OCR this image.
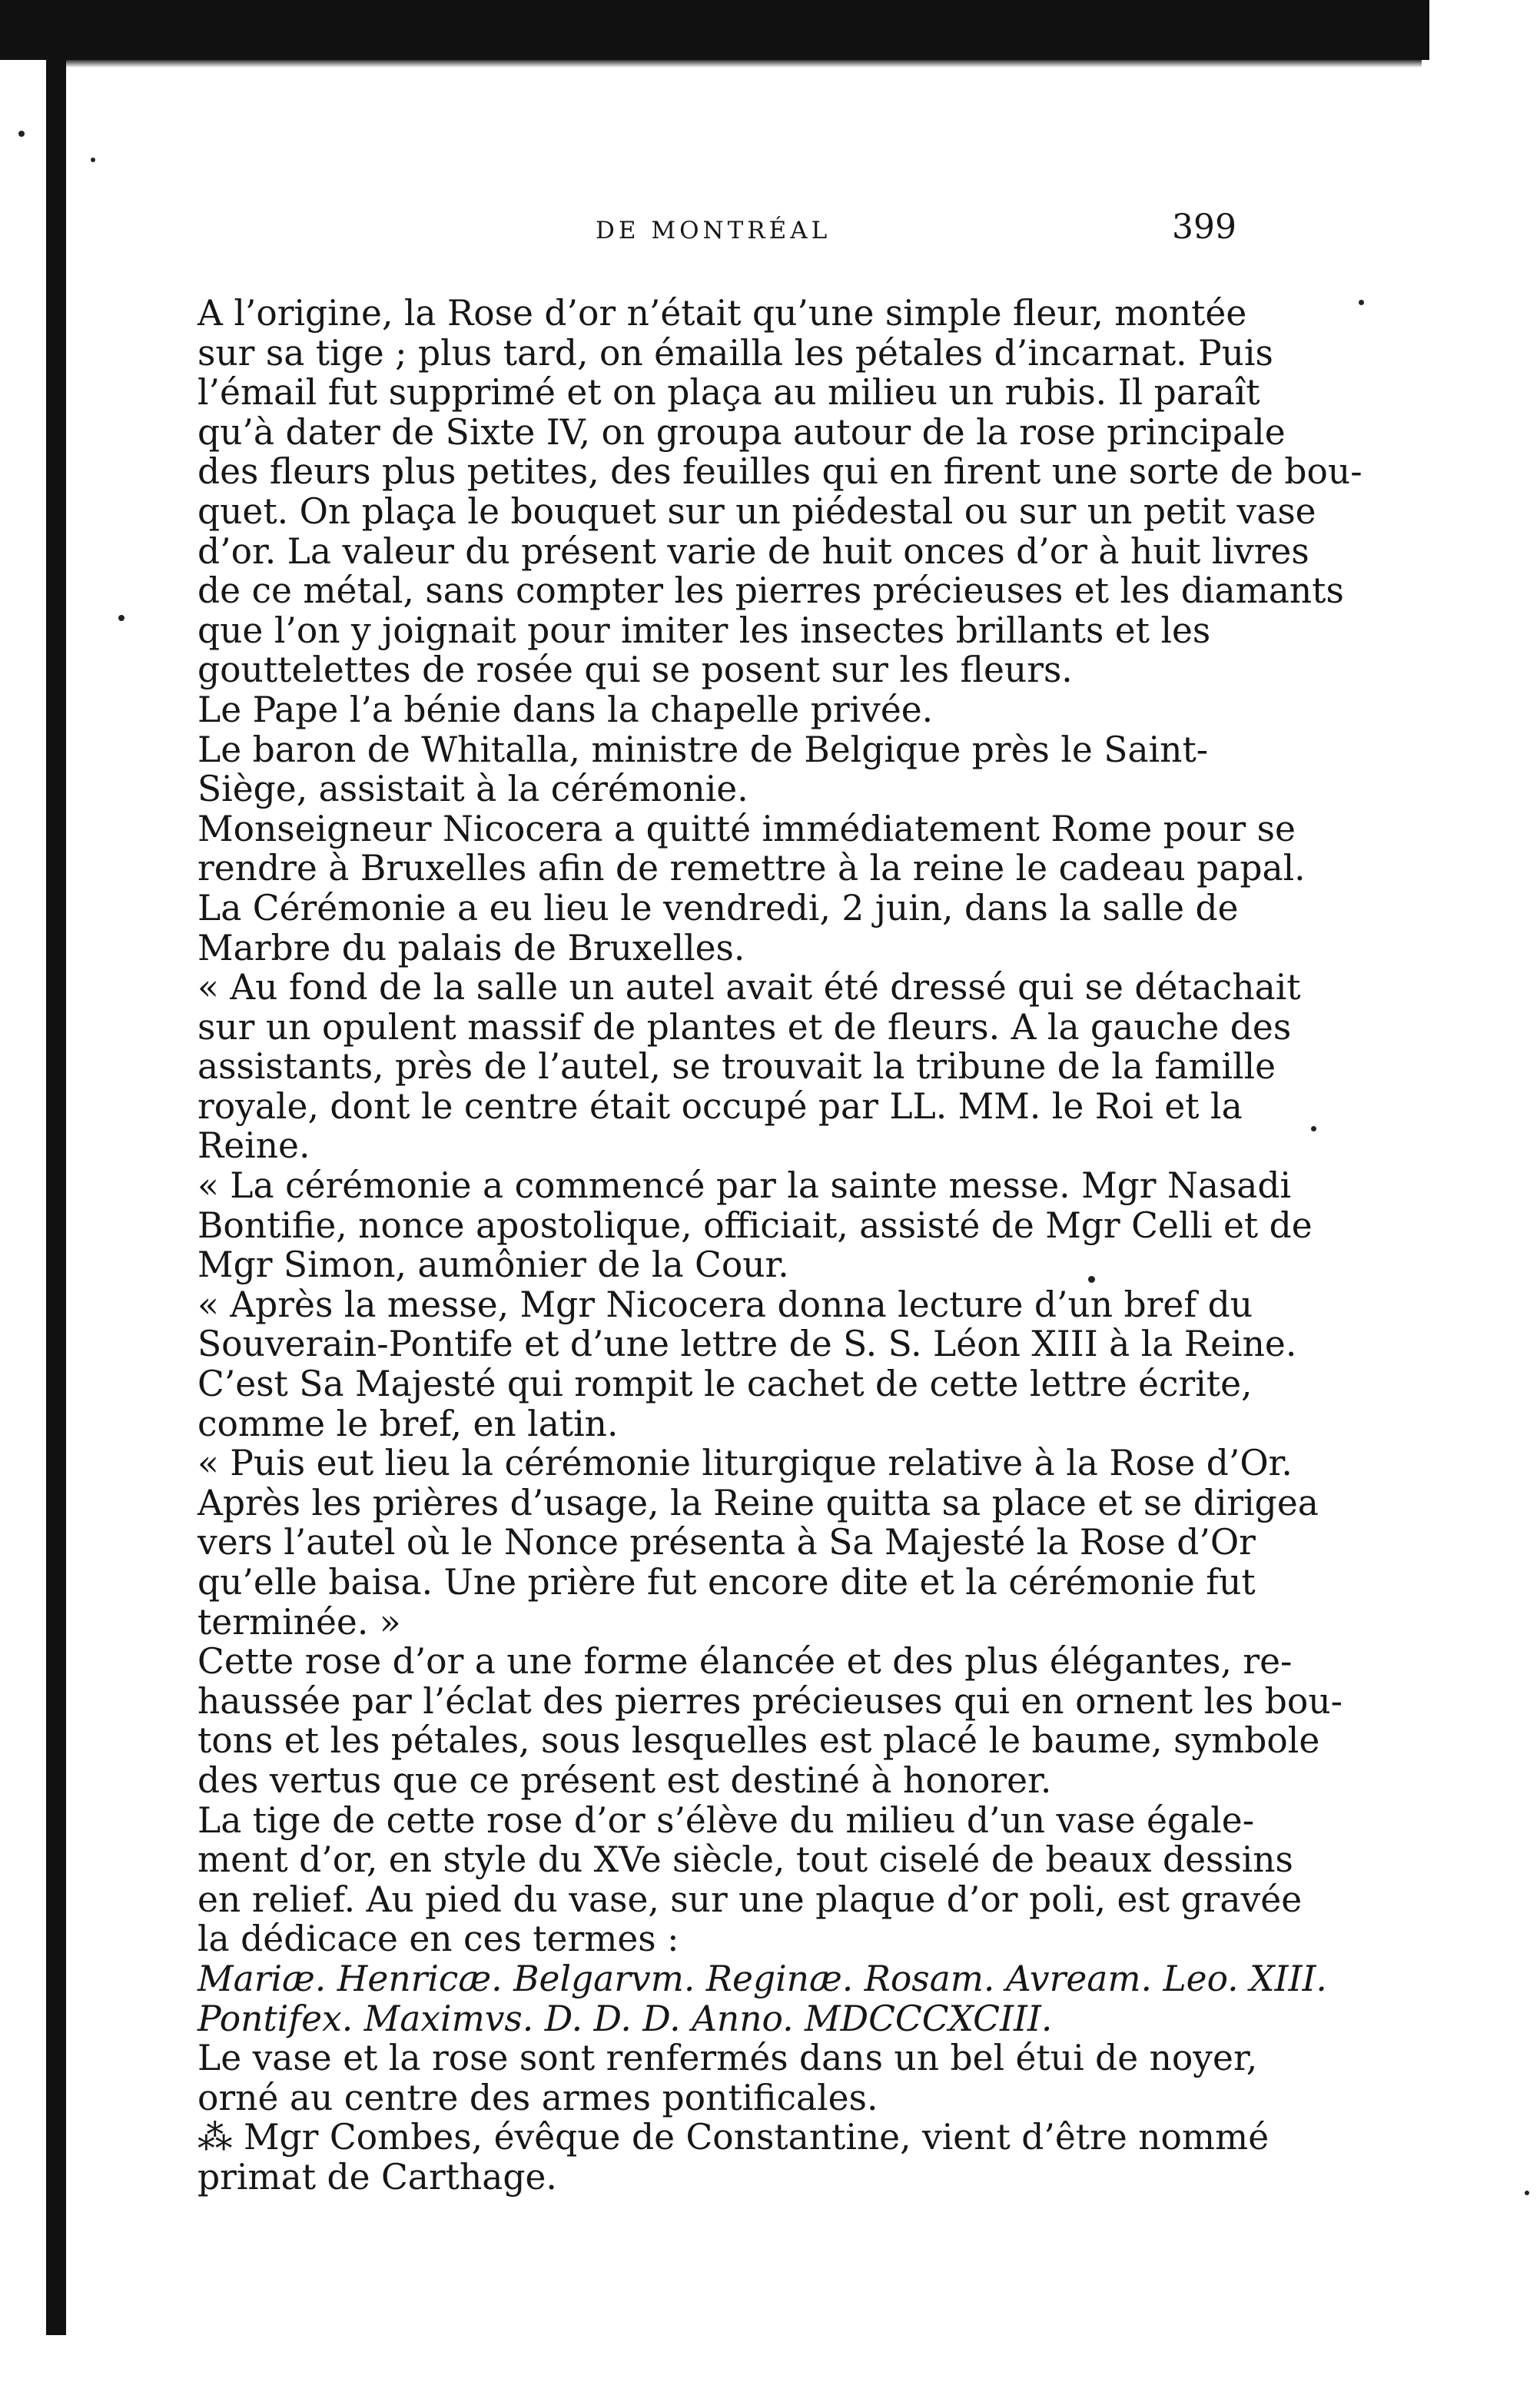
DE MONTRÉAL	399

A l’origine, la Rose d’or n’était qu’une simple fleur, montée
sur sa tige ; plus tard, on émailla les pétales d’incarnat. Puis
l’émail fut supprimé et on plaça au milieu un rubis. Il paraît
qu’à dater de Sixte IV, on groupa autour de la rose principale
des fleurs plus petites, des feuilles qui en firent une sorte de bou-
quet. On plaça le bouquet sur un piédestal ou sur un petit vase
d’or. La valeur du présent varie de huit onces d’or à huit livres
de ce métal, sans compter les pierres précieuses et les diamants
que l’on y joignait pour imiter les insectes brillants et les
gouttelettes de rosée qui se posent sur les fleurs.

Le Pape l’a bénie dans la chapelle privée.

Le baron de Whitalla, ministre de Belgique près le Saint-
Siège, assistait à la cérémonie.

Monseigneur Nicocera a quitté immédiatement Rome pour se
rendre à Bruxelles afin de remettre à la reine le cadeau papal.

La Cérémonie a eu lieu le vendredi, 2 juin, dans la salle de
Marbre du palais de Bruxelles.

« Au fond de la salle un autel avait été dressé qui se détachait
sur un opulent massif de plantes et de fleurs. A la gauche des
assistants, près de l’autel, se trouvait la tribune de la famille
royale, dont le centre était occupé par LL. MM. le Roi et la
Reine.

« La cérémonie a commencé par la sainte messe. Mgr Nasadi
Bontifie, nonce apostolique, officiait, assisté de Mgr Celli et de
Mgr Simon, aumônier de la Cour.

« Après la messe, Mgr Nicocera donna lecture d’un bref du
Souverain-Pontife et d’une lettre de S. S. Léon XIII à la Reine.
C’est Sa Majesté qui rompit le cachet de cette lettre écrite,
comme le bref, en latin.

« Puis eut lieu la cérémonie liturgique relative à la Rose d’Or.
Après les prières d’usage, la Reine quitta sa place et se dirigea
vers l’autel où le Nonce présenta à Sa Majesté la Rose d’Or
qu’elle baisa. Une prière fut encore dite et la cérémonie fut
terminée. »

Cette rose d’or a une forme élancée et des plus élégantes, re-
haussée par l’éclat des pierres précieuses qui en ornent les bou-
tons et les pétales, sous lesquelles est placé le baume, symbole
des vertus que ce présent est destiné à honorer.

La tige de cette rose d’or s’élève du milieu d’un vase égale-
ment d’or, en style du XVe siècle, tout ciselé de beaux dessins
en relief. Au pied du vase, sur une plaque d’or poli, est gravée
la dédicace en ces termes :

Mariæ. Henricæ. Belgarvm. Reginæ. Rosam. Avream. Leo. XIII.
Pontifex. Maximvs. D. D. D. Anno. MDCCCXCIII.

Le vase et la rose sont renfermés dans un bel étui de noyer,
orné au centre des armes pontificales.

⁂ Mgr Combes, évêque de Constantine, vient d’être nommé
primat de Carthage.
